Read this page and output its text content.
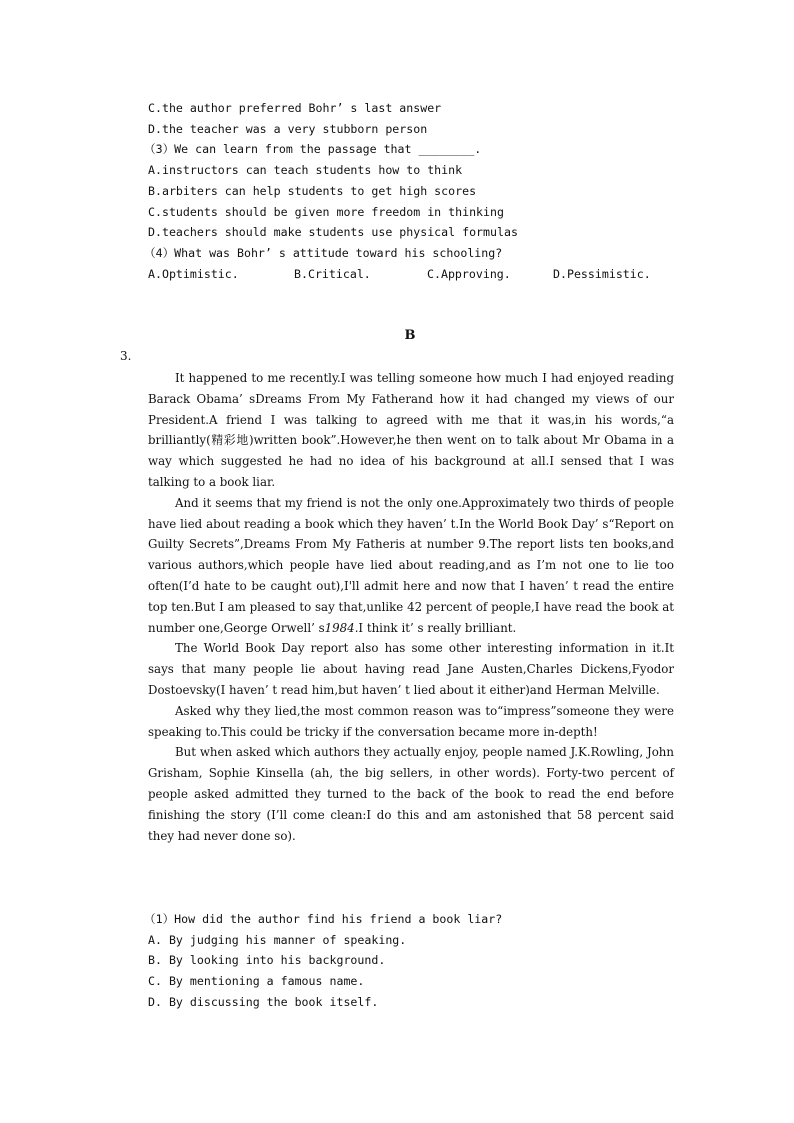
C.the author preferred Bohr’ s last answer
D.the teacher was a very stubborn person
（3）We can learn from the passage that ________.
A.instructors can teach students how to think
B.arbiters can help students to get high scores
C.students should be given more freedom in thinking
D.teachers should make students use physical formulas
（4）What was Bohr’ s attitude toward his schooling?
A.Optimistic.	B.Critical.	C.Approving.	D.Pessimistic.
B
3.

It happened to me recently.I was telling someone how much I had enjoyed reading Barack Obama’ sDreams From My Fatherand how it had changed my views of our President.A friend I was talking to agreed with me that it was,in his words,“a brilliantly(精彩地)written book”.However,he then went on to talk about Mr Obama in a way which suggested he had no idea of his background at all.I sensed that I was talking to a book liar.

And it seems that my friend is not the only one.Approximately two thirds of people have lied about reading a book which they haven’ t.In the World Book Day’ s“Report on Guilty Secrets”,Dreams From My Fatheris at number 9.The report lists ten books,and various authors,which people have lied about reading,and as I’m not one to lie too often(I’d hate to be caught out),I'll admit here and now that I haven’ t read the entire top ten.But I am pleased to say that,unlike 42 percent of people,I have read the book at number one,George Orwell’ s1984.I think it’ s really brilliant.

The World Book Day report also has some other interesting information in it.It says that many people lie about having read Jane Austen,Charles Dickens,Fyodor Dostoevsky(I haven’ t read him,but haven’ t lied about it either)and Herman Melville.

Asked why they lied,the most common reason was to“impress”someone they were speaking to.This could be tricky if the conversation became more in-depth!

But when asked which authors they actually enjoy, people named J.K.Rowling, John Grisham, Sophie Kinsella (ah, the big sellers, in other words). Forty-two percent of people asked admitted they turned to the back of the book to read the end before finishing the story (I’ll come clean:I do this and am astonished that 58 percent said they had never done so).

（1）How did the author find his friend a book liar?
A. By judging his manner of speaking.
B. By looking into his background.
C. By mentioning a famous name.
D. By discussing the book itself.
